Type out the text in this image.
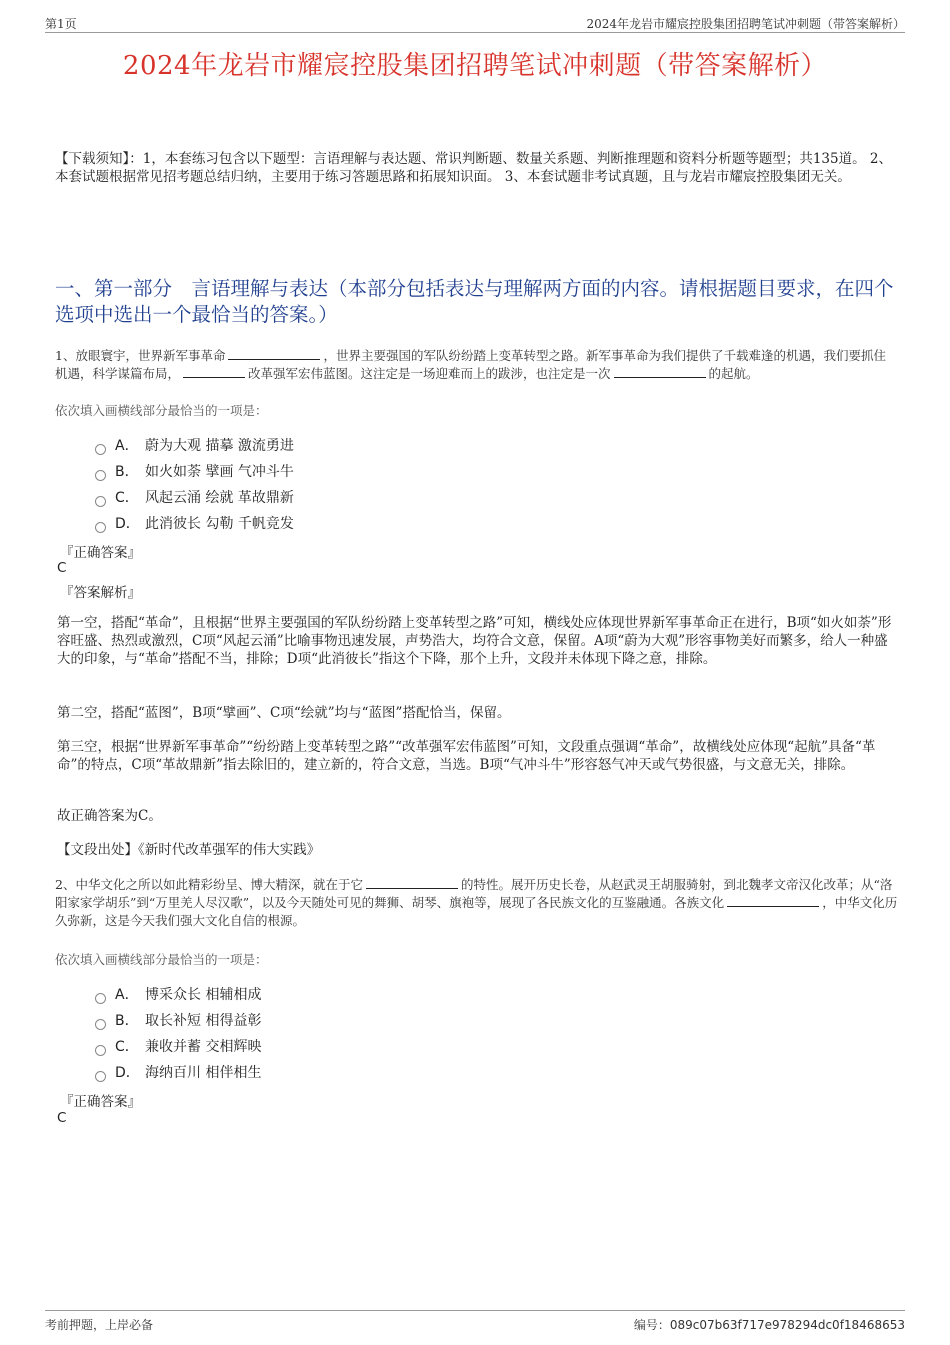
第1页	2024年龙岩市耀宸控股集团招聘笔试冲刺题（带答案解析）
2024年龙岩市耀宸控股集团招聘笔试冲刺题（带答案解析）
【下载须知】：1，本套练习包含以下题型：言语理解与表达题、常识判断题、数量关系题、判断推理题和资料分析题等题型；共135道。 2、本套试题根据常见招考题总结归纳，主要用于练习答题思路和拓展知识面。 3、本套试题非考试真题，且与龙岩市耀宸控股集团无关。
一、第一部分　言语理解与表达（本部分包括表达与理解两方面的内容。请根据题目要求，在四个选项中选出一个最恰当的答案。）
1、放眼寰宇，世界新军事革命	，世界主要强国的军队纷纷踏上变革转型之路。新军事革命为我们提供了千载难逢的机遇，我们要抓住机遇，科学谋篇布局，	改革强军宏伟蓝图。这注定是一场迎难而上的跋涉，也注定是一次	的起航。
依次填入画横线部分最恰当的一项是：
A． 蔚为大观 描摹 激流勇进
B． 如火如荼 擘画 气冲斗牛
C． 风起云涌 绘就 革故鼎新
D． 此消彼长 勾勒 千帆竞发
『正确答案』
C
『答案解析』
第一空，搭配“革命”，且根据“世界主要强国的军队纷纷踏上变革转型之路”可知，横线处应体现世界新军事革命正在进行，B项“如火如荼”形容旺盛、热烈或激烈，C项“风起云涌”比喻事物迅速发展，声势浩大，均符合文意，保留。A项“蔚为大观”形容事物美好而繁多，给人一种盛大的印象，与“革命”搭配不当，排除；D项“此消彼长”指这个下降，那个上升，文段并未体现下降之意，排除。
第二空，搭配“蓝图”，B项“擘画”、C项“绘就”均与“蓝图”搭配恰当，保留。
第三空，根据“世界新军事革命”“纷纷踏上变革转型之路”“改革强军宏伟蓝图”可知，文段重点强调“革命”，故横线处应体现“起航”具备“革命”的特点，C项“革故鼎新”指去除旧的，建立新的，符合文意，当选。B项“气冲斗牛”形容怒气冲天或气势很盛，与文意无关，排除。
故正确答案为C。
【文段出处】《新时代改革强军的伟大实践》
2、中华文化之所以如此精彩纷呈、博大精深，就在于它	的特性。展开历史长卷，从赵武灵王胡服骑射，到北魏孝文帝汉化改革；从“洛阳家家学胡乐”到“万里羌人尽汉歌”，以及今天随处可见的舞狮、胡琴、旗袍等，展现了各民族文化的互鉴融通。各族文化	，中华文化历久弥新，这是今天我们强大文化自信的根源。
依次填入画横线部分最恰当的一项是：
A． 博采众长 相辅相成
B． 取长补短 相得益彰
C． 兼收并蓄 交相辉映
D． 海纳百川 相伴相生
『正确答案』
C
考前押题，上岸必备	编号：089c07b63f717e978294dc0f18468653
